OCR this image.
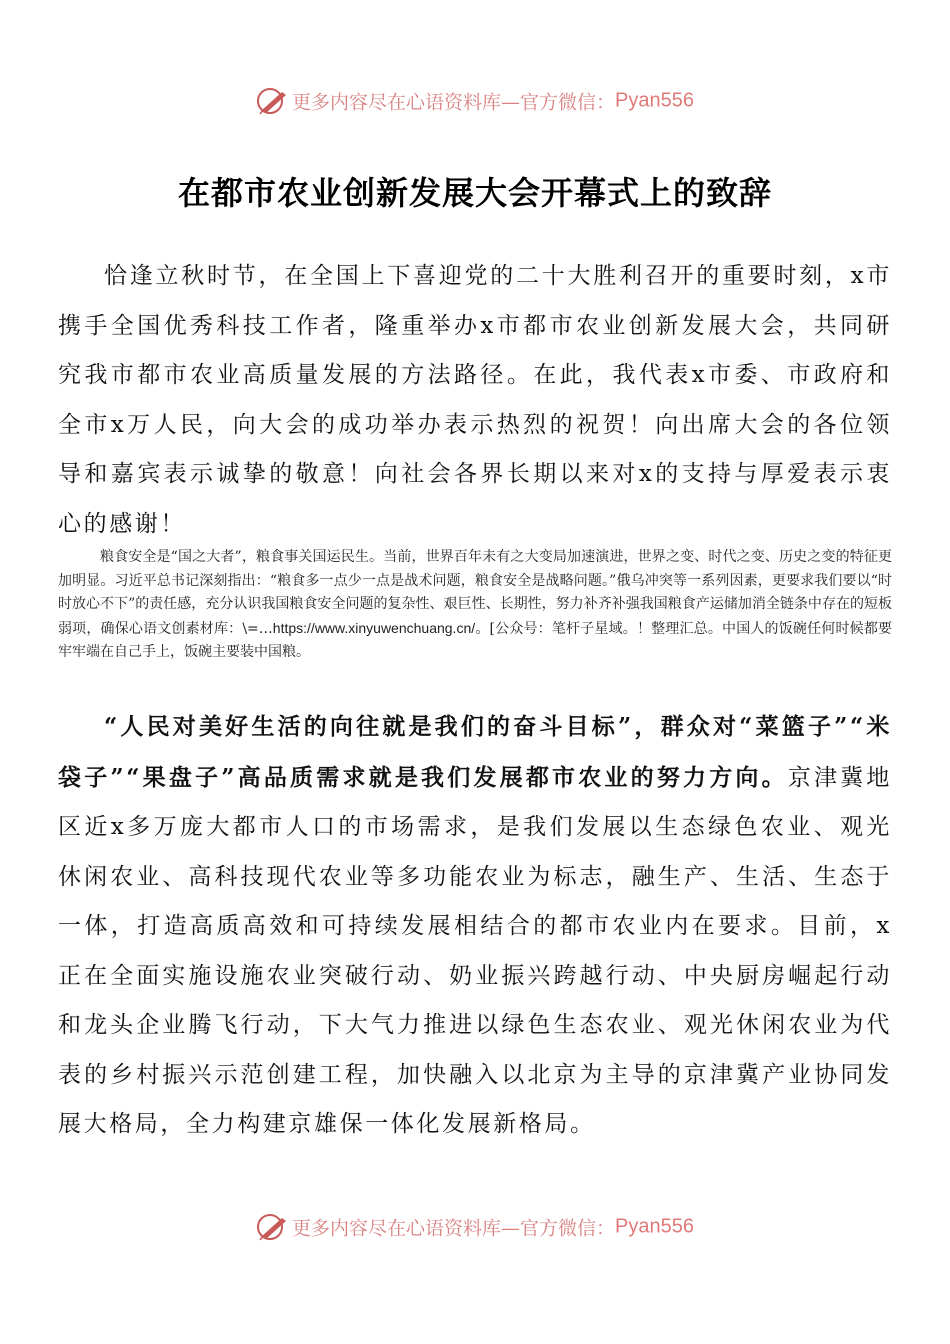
更多内容尽在心语资料库—官方微信：Pyan556
在都市农业创新发展大会开幕式上的致辞

恰逢立秋时节，在全国上下喜迎党的二十大胜利召开的重要时刻，x市携手全国优秀科技工作者，隆重举办x市都市农业创新发展大会，共同研究我市都市农业高质量发展的方法路径。在此，我代表x市委、市政府和全市x万人民，向大会的成功举办表示热烈的祝贺！向出席大会的各位领导和嘉宾表示诚挚的敬意！向社会各界长期以来对x的支持与厚爱表示衷心的感谢！

粮食安全是“国之大者”，粮食事关国运民生。当前，世界百年未有之大变局加速演进，世界之变、时代之变、历史之变的特征更加明显。习近平总书记深刻指出：“粮食多一点少一点是战术问题，粮食安全是战略问题。”俄乌冲突等一系列因素，更要求我们要以“时时放心不下”的责任感，充分认识我国粮食安全问题的复杂性、艰巨性、长期性，努力补齐补强我国粮食产运储加消全链条中存在的短板弱项，确保心语文创素材库：\=…https://www.xinyuwenchuang.cn/。[公众号：笔杆子星域。！整理汇总。中国人的饭碗任何时候都要牢牢端在自己手上，饭碗主要装中国粮。

“人民对美好生活的向往就是我们的奋斗目标”，群众对“菜篮子”“米袋子”“果盘子”高品质需求就是我们发展都市农业的努力方向。京津冀地区近x多万庞大都市人口的市场需求，是我们发展以生态绿色农业、观光休闲农业、高科技现代农业等多功能农业为标志，融生产、生活、生态于一体，打造高质高效和可持续发展相结合的都市农业内在要求。目前，x正在全面实施设施农业突破行动、奶业振兴跨越行动、中央厨房崛起行动和龙头企业腾飞行动，下大气力推进以绿色生态农业、观光休闲农业为代表的乡村振兴示范创建工程，加快融入以北京为主导的京津冀产业协同发展大格局，全力构建京雄保一体化发展新格局。

更多内容尽在心语资料库—官方微信：Pyan556
